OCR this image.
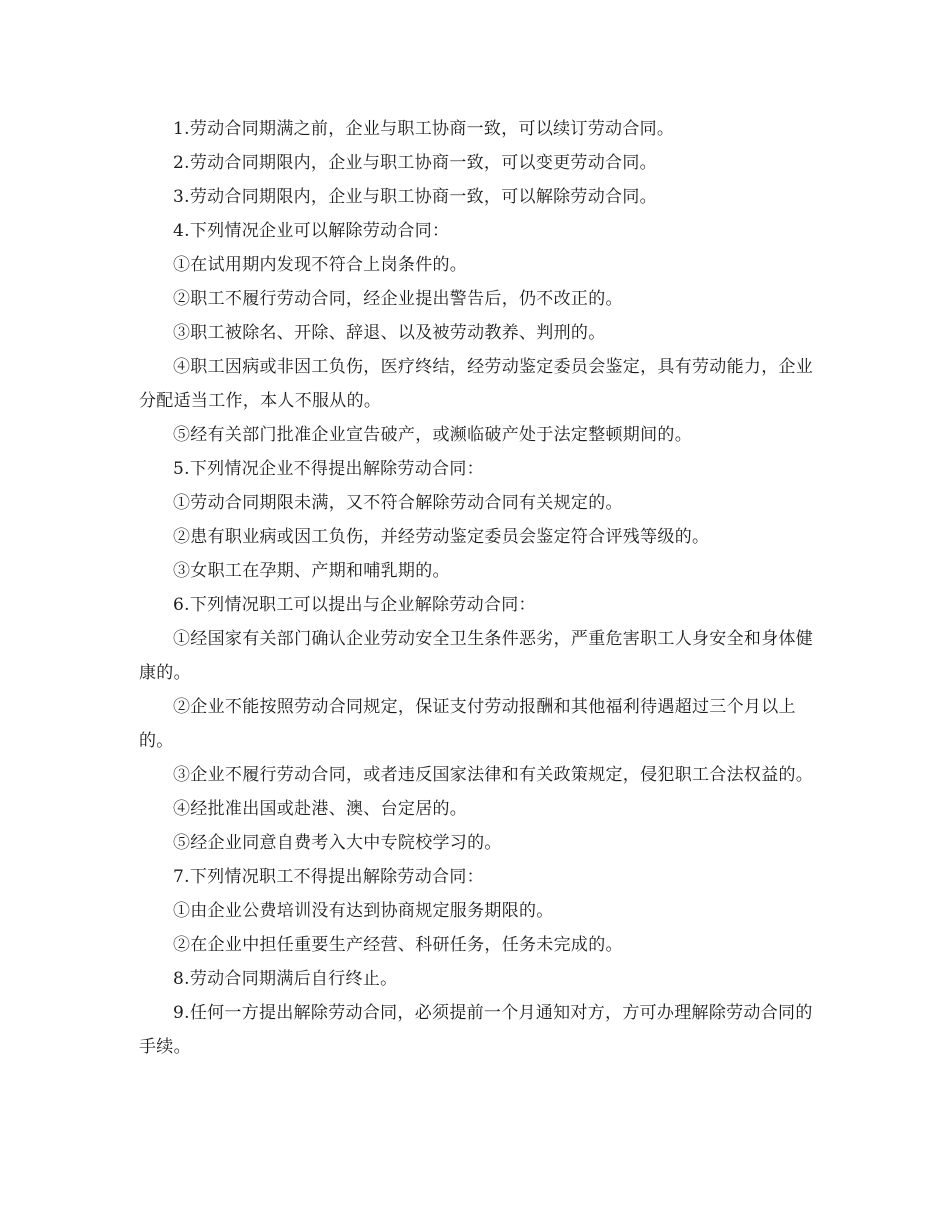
1.劳动合同期满之前，企业与职工协商一致，可以续订劳动合同。

2.劳动合同期限内，企业与职工协商一致，可以变更劳动合同。

3.劳动合同期限内，企业与职工协商一致，可以解除劳动合同。

4.下列情况企业可以解除劳动合同：

①在试用期内发现不符合上岗条件的。

②职工不履行劳动合同，经企业提出警告后，仍不改正的。

③职工被除名、开除、辞退、以及被劳动教养、判刑的。

④职工因病或非因工负伤，医疗终结，经劳动鉴定委员会鉴定，具有劳动能力，企业分配适当工作，本人不服从的。

⑤经有关部门批准企业宣告破产，或濒临破产处于法定整顿期间的。

5.下列情况企业不得提出解除劳动合同：

①劳动合同期限未满，又不符合解除劳动合同有关规定的。

②患有职业病或因工负伤，并经劳动鉴定委员会鉴定符合评残等级的。

③女职工在孕期、产期和哺乳期的。

6.下列情况职工可以提出与企业解除劳动合同：

①经国家有关部门确认企业劳动安全卫生条件恶劣，严重危害职工人身安全和身体健康的。

②企业不能按照劳动合同规定，保证支付劳动报酬和其他福利待遇超过三个月以上的。

③企业不履行劳动合同，或者违反国家法律和有关政策规定，侵犯职工合法权益的。

④经批准出国或赴港、澳、台定居的。

⑤经企业同意自费考入大中专院校学习的。

7.下列情况职工不得提出解除劳动合同：

①由企业公费培训没有达到协商规定服务期限的。

②在企业中担任重要生产经营、科研任务，任务未完成的。

8.劳动合同期满后自行终止。

9.任何一方提出解除劳动合同，必须提前一个月通知对方，方可办理解除劳动合同的手续。
